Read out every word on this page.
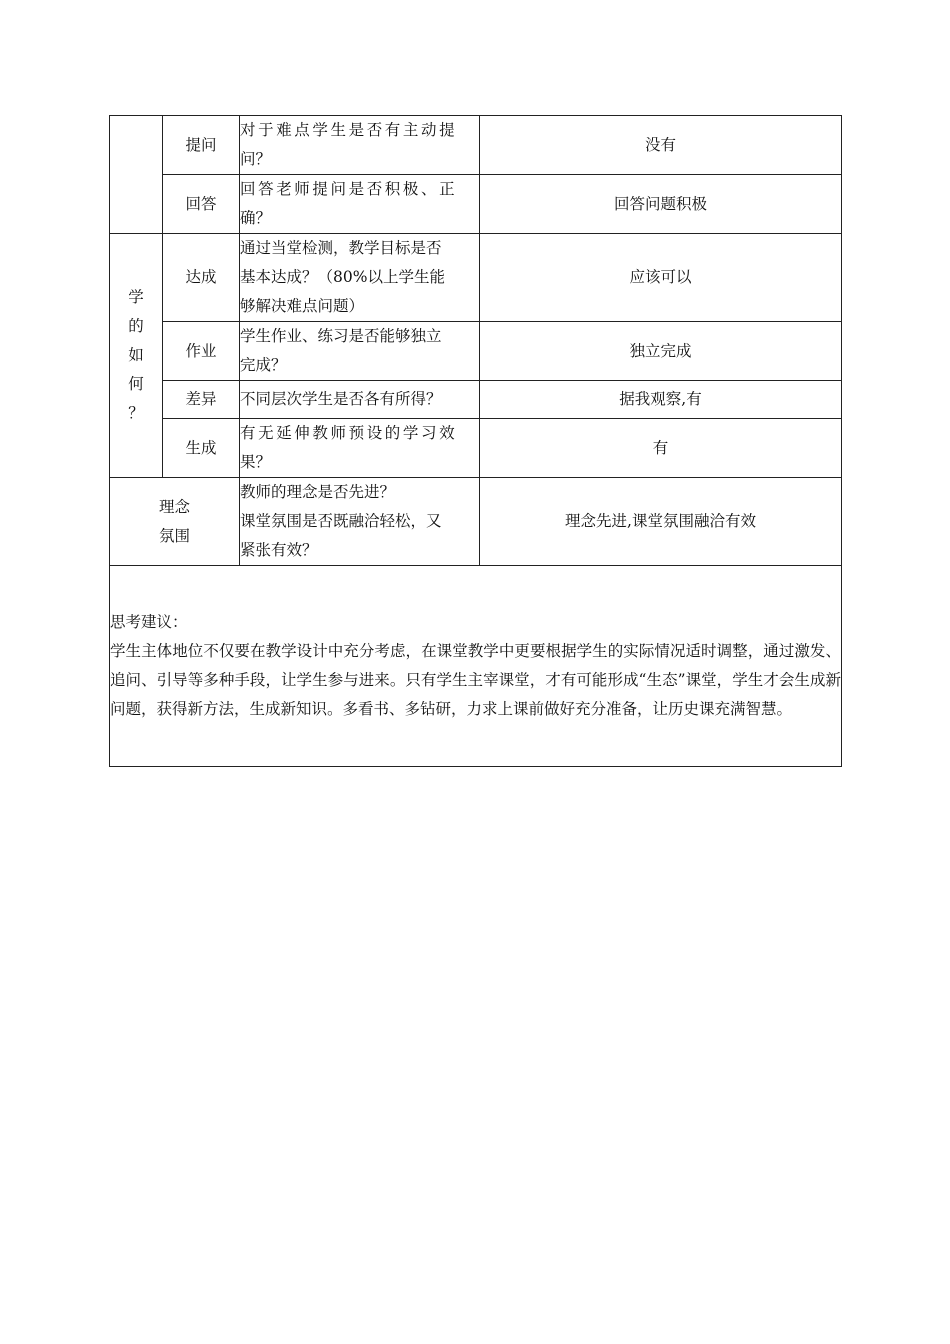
	提问	对于难点学生是否有主动提
问？	没有
	回答	回答老师提问是否积极、正
确？	回答问题积极

学
的
如
何
？	达成	通过当堂检测，教学目标是否
基本达成？（80%以上学生能
够解决难点问题）	应该可以
	作业	学生作业、练习是否能够独立
完成？	独立完成
	差异	不同层次学生是否各有所得？	据我观察,有
	生成	有无延伸教师预设的学习效
果？	有

理念
氛围		教师的理念是否先进？
课堂氛围是否既融洽轻松，又
紧张有效？	理念先进,课堂氛围融洽有效

思考建议：
学生主体地位不仅要在教学设计中充分考虑，在课堂教学中更要根据学生的实际情况适时调整，通过激发、追问、引导等多种手段，让学生参与进来。只有学生主宰课堂，才有可能形成“生态”课堂，学生才会生成新问题，获得新方法，生成新知识。多看书、多钻研，力求上课前做好充分准备，让历史课充满智慧。			
